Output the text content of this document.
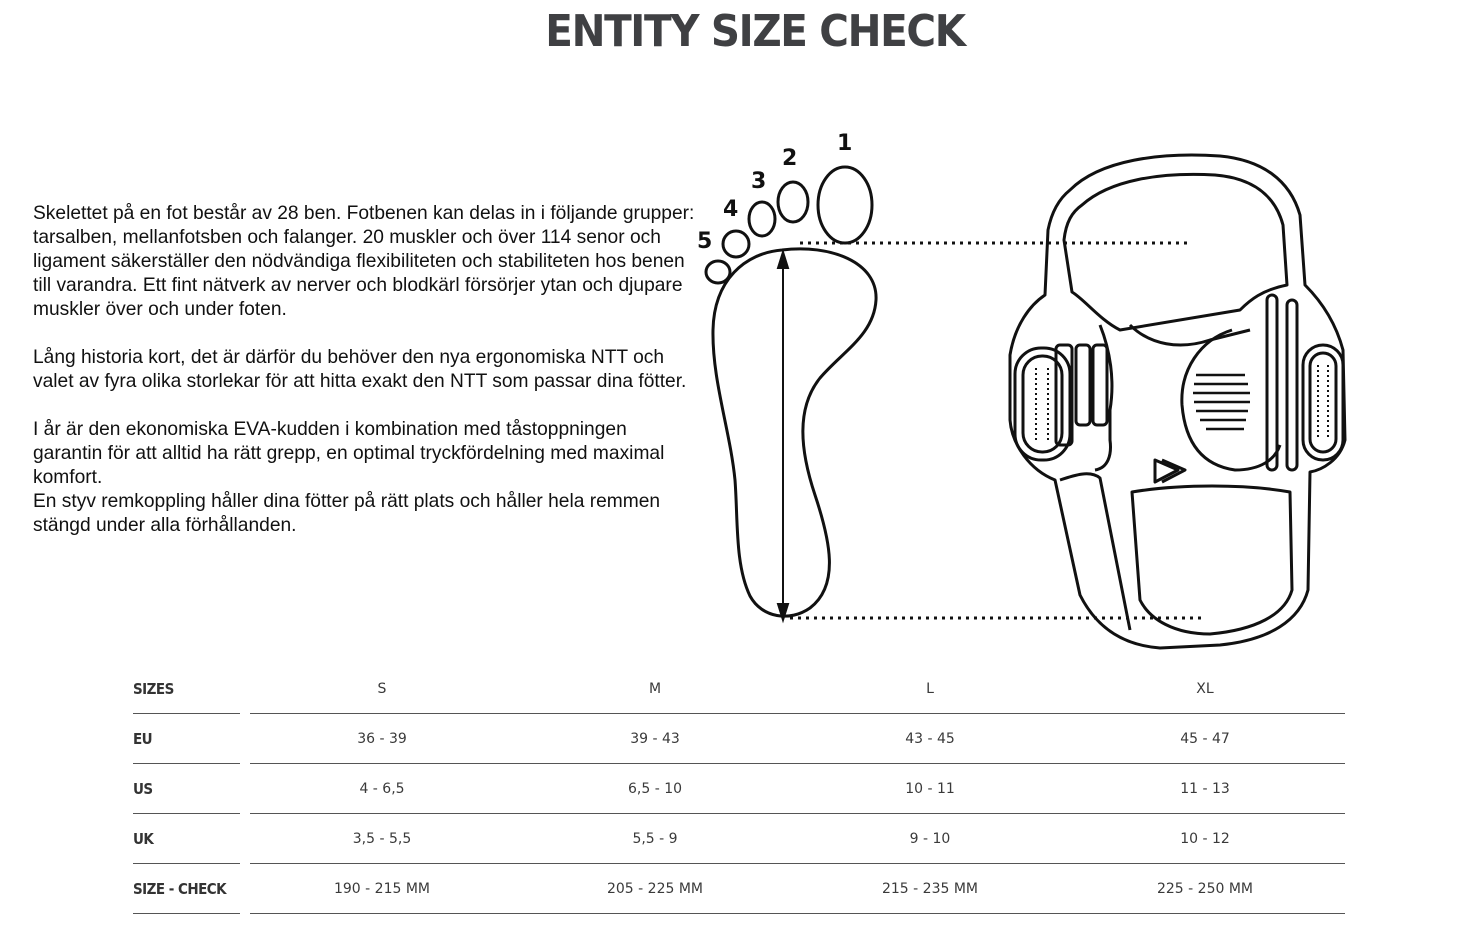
ENTITY SIZE CHECK

Skelettet på en fot består av 28 ben. Fotbenen kan delas in i följande grupper: tarsalben, mellanfotsben och falanger. 20 muskler och över 114 senor och ligament säkerställer den nödvändiga flexibiliteten och stabiliteten hos benen till varandra. Ett fint nätverk av nerver och blodkärl försörjer ytan och djupare muskler över och under foten.

Lång historia kort, det är därför du behöver den nya ergonomiska NTT och valet av fyra olika storlekar för att hitta exakt den NTT som passar dina fötter.

I år är den ekonomiska EVA-kudden i kombination med tåstoppningen garantin för att alltid ha rätt grepp, en optimal tryckfördelning med maximal komfort.

En styv remkoppling håller dina fötter på rätt plats och håller hela remmen stängd under alla förhållanden.

1
2
3
4
5
SIZES	S	M	L	XL
EU	36 - 39	39 - 43	43 - 45	45 - 47
US	4 - 6,5	6,5 - 10	10 - 11	11 - 13
UK	3,5 - 5,5	5,5 - 9	9 - 10	10 - 12
SIZE - CHECK	190 - 215 MM	205 - 225 MM	215 - 235 MM	225 - 250 MM
